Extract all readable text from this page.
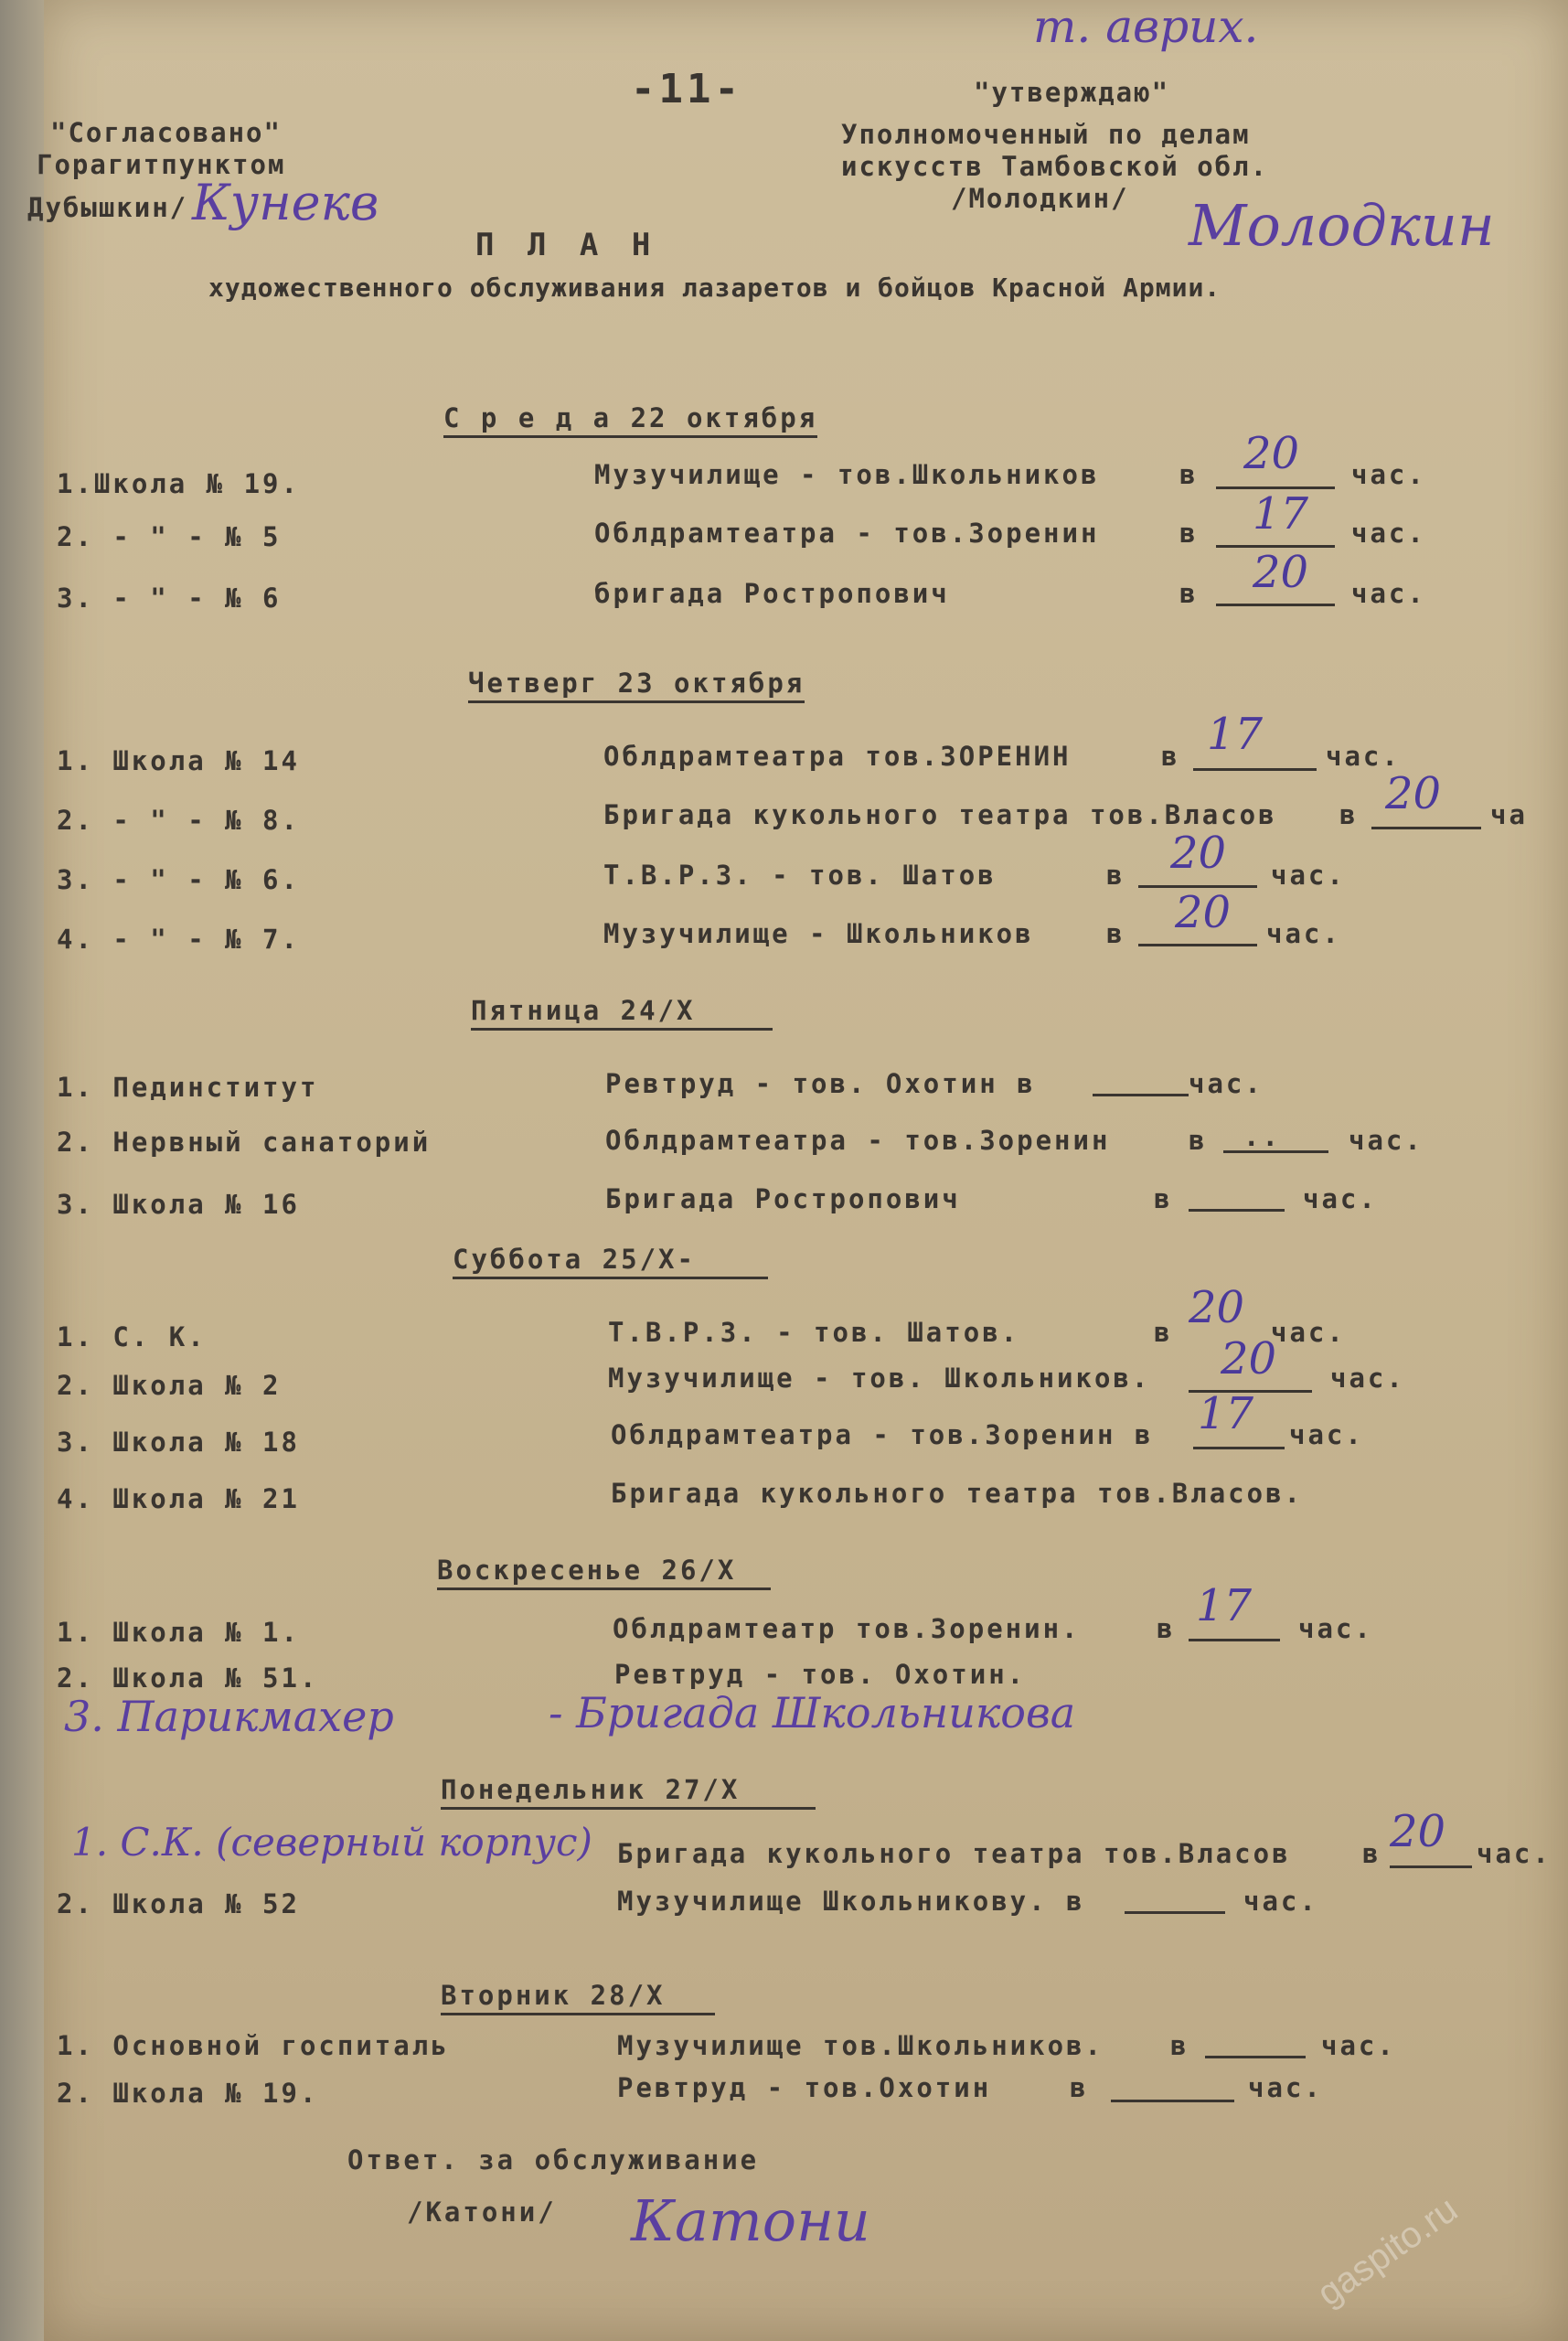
т. аврих.
-11-
"Согласовано"
Горагитпунктом
Дубышкин/ Кунекв
"утверждаю"
Уполномоченный по делам
искусств Тамбовской обл.
/Молодкин/ Молодкин
П Л А Н
художественного обслуживания лазаретов и бойцов Красной Армии.
С р е д а 22 октября
1.Школа № 19.	Музучилище - тов.Школьников	в 20 час.
2. - " - № 5	Облдрамтеатра - тов.Зоренин	в 17 час.
3. - " - № 6	бригада Ростропович	в 20 час.
Четверг 23 октября
1. Школа № 14	Облдрамтеатра тов.ЗОРЕНИН	в 17 час.
2. - " - № 8.	Бригада кукольного театра тов.Власов в 20 ча
3. - " - № 6.	Т.В.Р.З. - тов. Шатов	в 20 час.
4. - " - № 7.	Музучилище - Школьников	в 20 час.
Пятница 24/X
1. Пединститут	Ревтруд - тов. Охотин в	час.
2. Нервный санаторий	Облдрамтеатра - тов.Зоренин	в ..	час.
3. Школа № 16	Бригада Ростропович	в	час.
Суббота 25/X-
1. С. К.	Т.В.Р.З. - тов. Шатов.	в 20 час.
2. Школа № 2	Музучилище - тов. Школьников. 20 час.
3. Школа № 18	Облдрамтеатра - тов.Зоренин в 17 час.
4. Школа № 21	Бригада кукольного театра тов.Власов.
Воскресенье 26/X
1. Школа № 1.	Облдрамтеатр тов.Зоренин.	в 17 час.
2. Школа № 51.	Ревтруд - тов. Охотин.
3. Парикмахер	- Бригада Школьникова
Понедельник 27/X
1. С.К. (северный корпус) Бригада кукольного театра тов.Власов	в 20 час.
2. Школа № 52	Музучилище Школьникову. в	час.
Вторник 28/X
1. Основной госпиталь	Музучилище тов.Школьников.	в	час.
2. Школа № 19.	Ревтруд - тов.Охотин	в	час.
Ответ. за обслуживание
/Катони/ Катони	gaspito.ru
